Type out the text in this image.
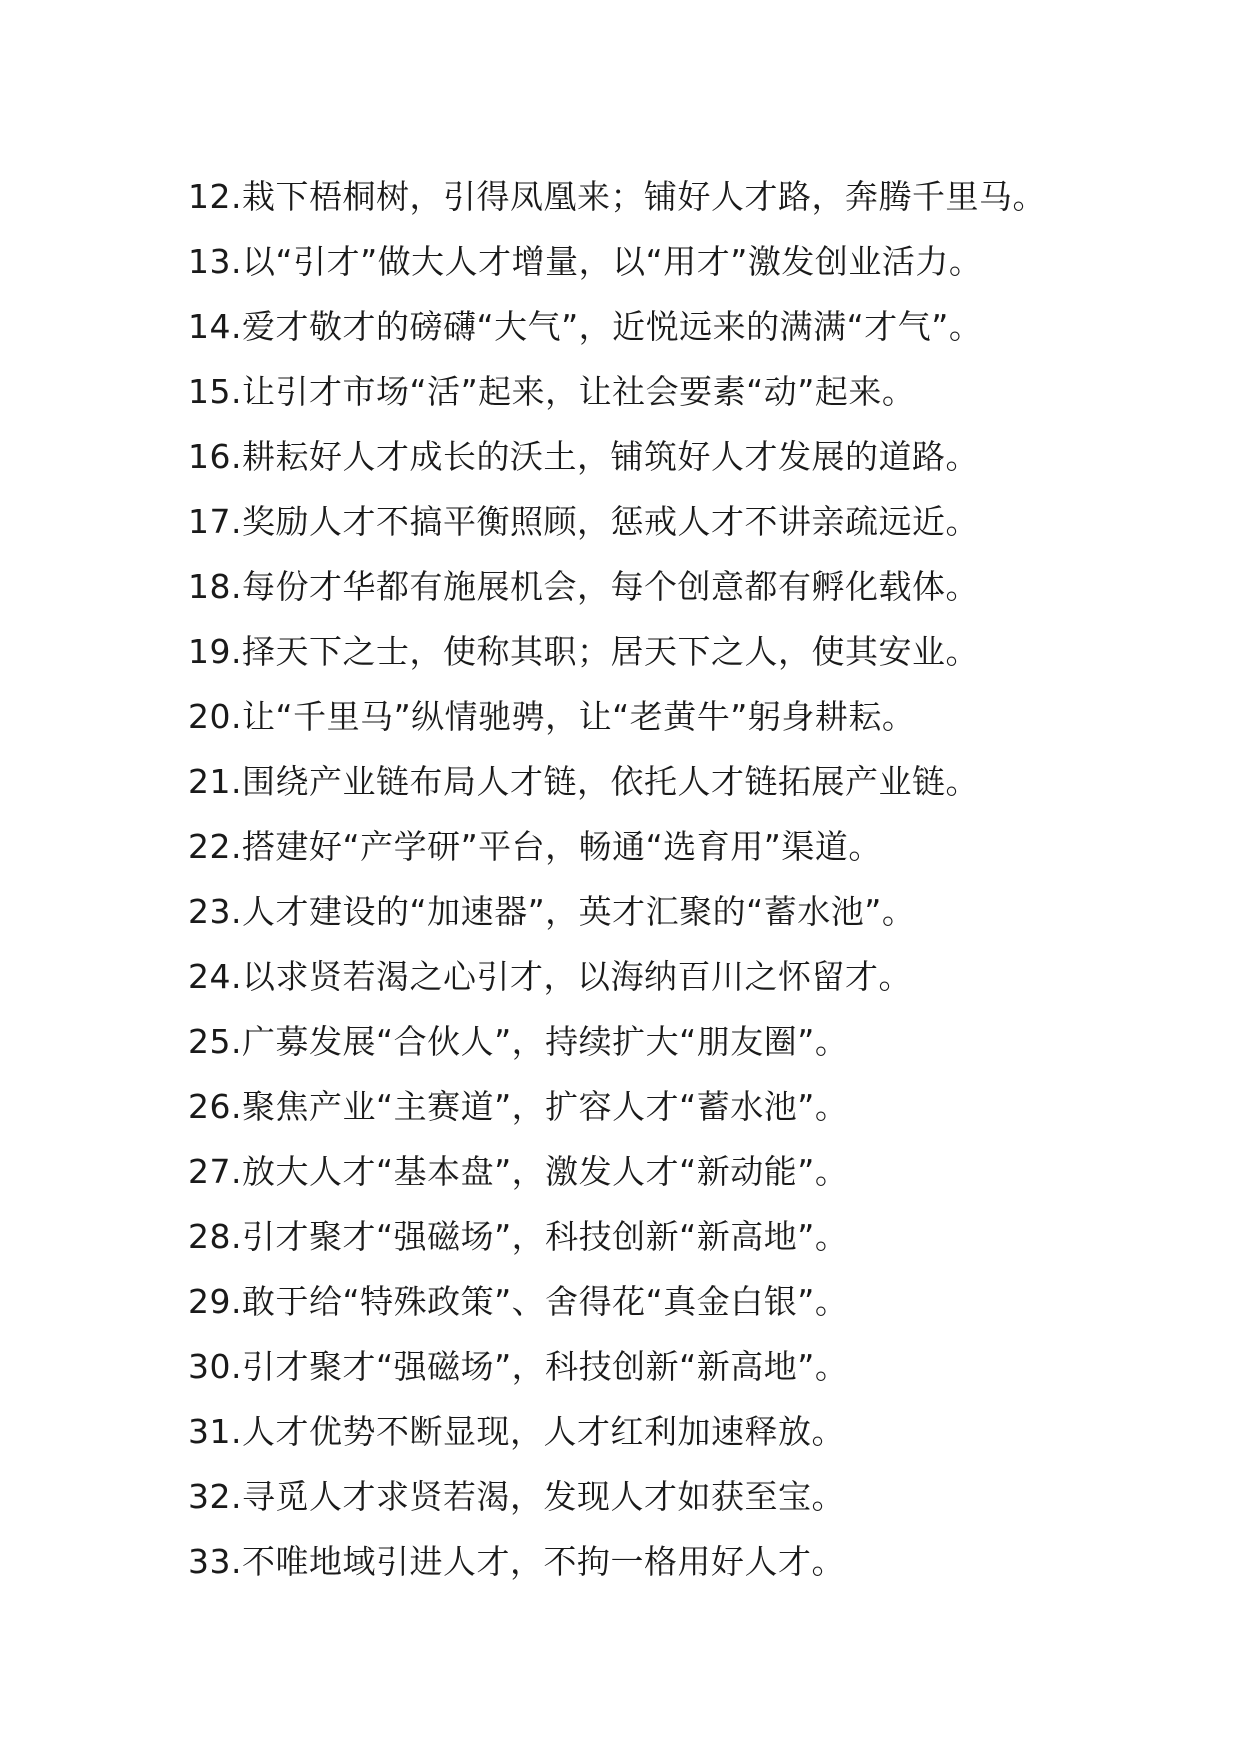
12.栽下梧桐树，引得凤凰来；铺好人才路，奔腾千里马。
13.以“引才”做大人才增量，以“用才”激发创业活力。
14.爱才敬才的磅礴“大气”，近悦远来的满满“才气”。
15.让引才市场“活”起来，让社会要素“动”起来。
16.耕耘好人才成长的沃土，铺筑好人才发展的道路。
17.奖励人才不搞平衡照顾，惩戒人才不讲亲疏远近。
18.每份才华都有施展机会，每个创意都有孵化载体。
19.择天下之士，使称其职；居天下之人，使其安业。
20.让“千里马”纵情驰骋，让“老黄牛”躬身耕耘。
21.围绕产业链布局人才链，依托人才链拓展产业链。
22.搭建好“产学研”平台，畅通“选育用”渠道。
23.人才建设的“加速器”，英才汇聚的“蓄水池”。
24.以求贤若渴之心引才，以海纳百川之怀留才。
25.广募发展“合伙人”，持续扩大“朋友圈”。
26.聚焦产业“主赛道”，扩容人才“蓄水池”。
27.放大人才“基本盘”，激发人才“新动能”。
28.引才聚才“强磁场”，科技创新“新高地”。
29.敢于给“特殊政策”、舍得花“真金白银”。
30.引才聚才“强磁场”，科技创新“新高地”。
31.人才优势不断显现，人才红利加速释放。
32.寻觅人才求贤若渴，发现人才如获至宝。
33.不唯地域引进人才，不拘一格用好人才。
